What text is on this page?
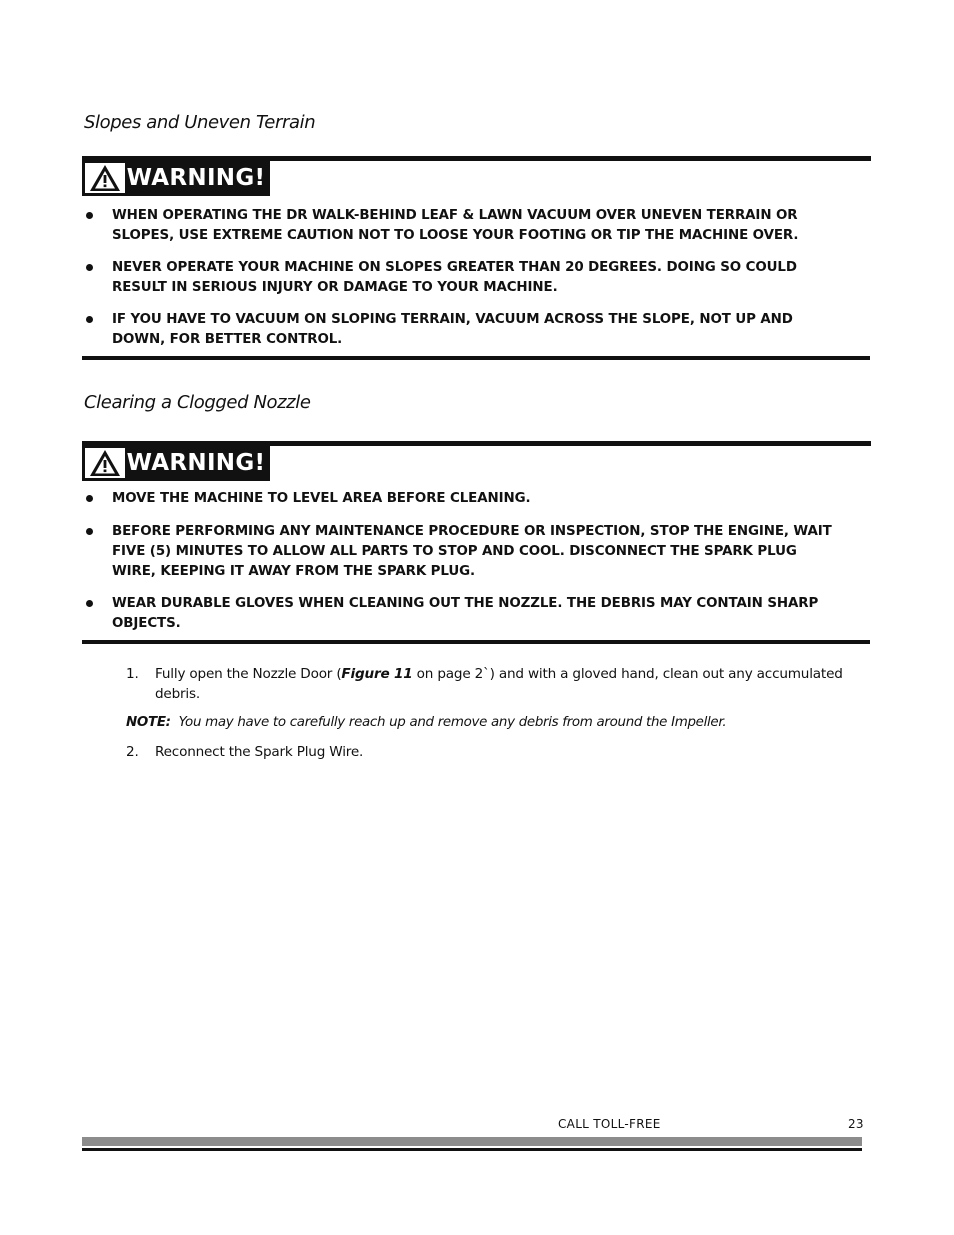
Slopes and Uneven Terrain
WARNING!
WHEN OPERATING THE DR WALK-BEHIND LEAF & LAWN VACUUM OVER UNEVEN TERRAIN OR SLOPES, USE EXTREME CAUTION NOT TO LOOSE YOUR FOOTING OR TIP THE MACHINE OVER.
NEVER OPERATE YOUR MACHINE ON SLOPES GREATER THAN 20 DEGREES. DOING SO COULD RESULT IN SERIOUS INJURY OR DAMAGE TO YOUR MACHINE.
IF YOU HAVE TO VACUUM ON SLOPING TERRAIN, VACUUM ACROSS THE SLOPE, NOT UP AND DOWN, FOR BETTER CONTROL.
Clearing a Clogged Nozzle
WARNING!
MOVE THE MACHINE TO LEVEL AREA BEFORE CLEANING.
BEFORE PERFORMING ANY MAINTENANCE PROCEDURE OR INSPECTION, STOP THE ENGINE, WAIT FIVE (5) MINUTES TO ALLOW ALL PARTS TO STOP AND COOL. DISCONNECT THE SPARK PLUG WIRE, KEEPING IT AWAY FROM THE SPARK PLUG.
WEAR DURABLE GLOVES WHEN CLEANING OUT THE NOZZLE. THE DEBRIS MAY CONTAIN SHARP OBJECTS.
1. Fully open the Nozzle Door (Figure 11 on page 2`) and with a gloved hand, clean out any accumulated debris.

NOTE:  You may have to carefully reach up and remove any debris from around the Impeller.

2. Reconnect the Spark Plug Wire.

CALL TOLL-FREE	23
